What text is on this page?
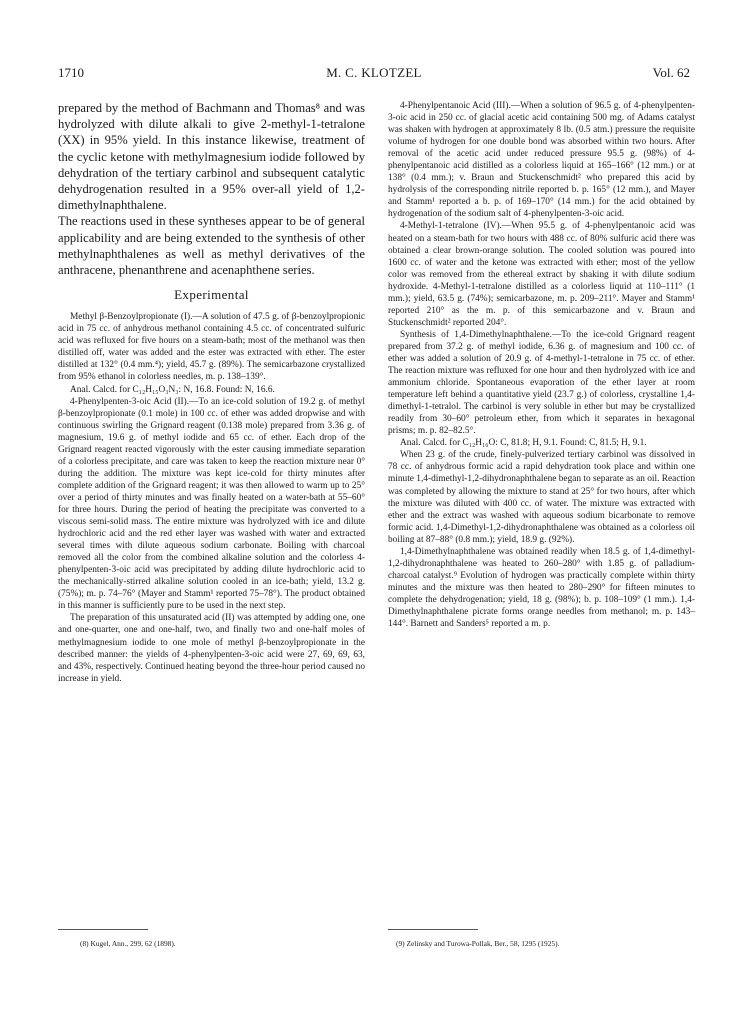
1710	M. C. KLOTZEL	Vol. 62

prepared by the method of Bachmann and Thomas⁸ and was hydrolyzed with dilute alkali to give 2-methyl-1-tetralone (XX) in 95% yield. In this instance likewise, treatment of the cyclic ketone with methylmagnesium iodide followed by dehydration of the tertiary carbinol and subsequent catalytic dehydrogenation resulted in a 95% over-all yield of 1,2-dimethylnaphthalene.

The reactions used in these syntheses appear to be of general applicability and are being extended to the synthesis of other methylnaphthalenes as well as methyl derivatives of the anthracene, phenanthrene and acenaphthene series.

Experimental

Methyl β-Benzoylpropionate (I).—A solution of 47.5 g. of β-benzoylpropionic acid in 75 cc. of anhydrous methanol containing 4.5 cc. of concentrated sulfuric acid was refluxed for five hours on a steam-bath; most of the methanol was then distilled off, water was added and the ester was extracted with ether. The ester distilled at 132° (0.4 mm.⁴); yield, 45.7 g. (89%). The semicarbazone crystallized from 95% ethanol in colorless needles, m. p. 138–139°.

Anal. Calcd. for C₁₂H₁₅O₃N₃: N, 16.8. Found: N, 16.6.

4-Phenylpenten-3-oic Acid (II).—To an ice-cold solution of 19.2 g. of methyl β-benzoylpropionate (0.1 mole) in 100 cc. of ether was added dropwise and with continuous swirling the Grignard reagent (0.138 mole) prepared from 3.36 g. of magnesium, 19.6 g. of methyl iodide and 65 cc. of ether. Each drop of the Grignard reagent reacted vigorously with the ester causing immediate separation of a colorless precipitate, and care was taken to keep the reaction mixture near 0° during the addition. The mixture was kept ice-cold for thirty minutes after complete addition of the Grignard reagent; it was then allowed to warm up to 25° over a period of thirty minutes and was finally heated on a water-bath at 55–60° for three hours. During the period of heating the precipitate was converted to a viscous semi-solid mass. The entire mixture was hydrolyzed with ice and dilute hydrochloric acid and the red ether layer was washed with water and extracted several times with dilute aqueous sodium carbonate. Boiling with charcoal removed all the color from the combined alkaline solution and the colorless 4-phenylpenten-3-oic acid was precipitated by adding dilute hydrochloric acid to the mechanically-stirred alkaline solution cooled in an ice-bath; yield, 13.2 g. (75%); m. p. 74–76° (Mayer and Stamm¹ reported 75–78°). The product obtained in this manner is sufficiently pure to be used in the next step.

The preparation of this unsaturated acid (II) was attempted by adding one, one and one-quarter, one and one-half, two, and finally two and one-half moles of methylmagnesium iodide to one mole of methyl β-benzoylpropionate in the described manner: the yields of 4-phenylpenten-3-oic acid were 27, 69, 69, 63, and 43%, respectively. Continued heating beyond the three-hour period caused no increase in yield.

4-Phenylpentanoic Acid (III).—When a solution of 96.5 g. of 4-phenylpenten-3-oic acid in 250 cc. of glacial acetic acid containing 500 mg. of Adams catalyst was shaken with hydrogen at approximately 8 lb. (0.5 atm.) pressure the requisite volume of hydrogen for one double bond was absorbed within two hours. After removal of the acetic acid under reduced pressure 95.5 g. (98%) of 4-phenylpentanoic acid distilled as a colorless liquid at 165–166° (12 mm.) or at 138° (0.4 mm.); v. Braun and Stuckenschmidt² who prepared this acid by hydrolysis of the corresponding nitrile reported b. p. 165° (12 mm.), and Mayer and Stamm¹ reported a b. p. of 169–170° (14 mm.) for the acid obtained by hydrogenation of the sodium salt of 4-phenylpenten-3-oic acid.

4-Methyl-1-tetralone (IV).—When 95.5 g. of 4-phenylpentanoic acid was heated on a steam-bath for two hours with 488 cc. of 80% sulfuric acid there was obtained a clear brown-orange solution. The cooled solution was poured into 1600 cc. of water and the ketone was extracted with ether; most of the yellow color was removed from the ethereal extract by shaking it with dilute sodium hydroxide. 4-Methyl-1-tetralone distilled as a colorless liquid at 110–111° (1 mm.); yield, 63.5 g. (74%); semicarbazone, m. p. 209–211°. Mayer and Stamm¹ reported 210° as the m. p. of this semicarbazone and v. Braun and Stuckenschmidt² reported 204°.

Synthesis of 1,4-Dimethylnaphthalene.—To the ice-cold Grignard reagent prepared from 37.2 g. of methyl iodide, 6.36 g. of magnesium and 100 cc. of ether was added a solution of 20.9 g. of 4-methyl-1-tetralone in 75 cc. of ether. The reaction mixture was refluxed for one hour and then hydrolyzed with ice and ammonium chloride. Spontaneous evaporation of the ether layer at room temperature left behind a quantitative yield (23.7 g.) of colorless, crystalline 1,4-dimethyl-1-tetralol. The carbinol is very soluble in ether but may be crystallized readily from 30–60° petroleum ether, from which it separates in hexagonal prisms; m. p. 82–82.5°.

Anal. Calcd. for C₁₂H₁₆O: C, 81.8; H, 9.1. Found: C, 81.5; H, 9.1.

When 23 g. of the crude, finely-pulverized tertiary carbinol was dissolved in 78 cc. of anhydrous formic acid a rapid dehydration took place and within one minute 1,4-dimethyl-1,2-dihydronaphthalene began to separate as an oil. Reaction was completed by allowing the mixture to stand at 25° for two hours, after which the mixture was diluted with 400 cc. of water. The mixture was extracted with ether and the extract was washed with aqueous sodium bicarbonate to remove formic acid. 1,4-Dimethyl-1,2-dihydronaphthalene was obtained as a colorless oil boiling at 87–88° (0.8 mm.); yield, 18.9 g. (92%).

1,4-Dimethylnaphthalene was obtained readily when 18.5 g. of 1,4-dimethyl-1,2-dihydronaphthalene was heated to 260–280° with 1.85 g. of palladium-charcoal catalyst.⁹ Evolution of hydrogen was practically complete within thirty minutes and the mixture was then heated to 280–290° for fifteen minutes to complete the dehydrogenation; yield, 18 g. (98%); b. p. 108–109° (1 mm.). 1,4-Dimethylnaphthalene picrate forms orange needles from methanol; m. p. 143–144°. Barnett and Sanders⁵ reported a m. p.

(8) Kugel, Ann., 299, 62 (1898).	(9) Zelinsky and Turowa-Pollak, Ber., 58, 1295 (1925).
